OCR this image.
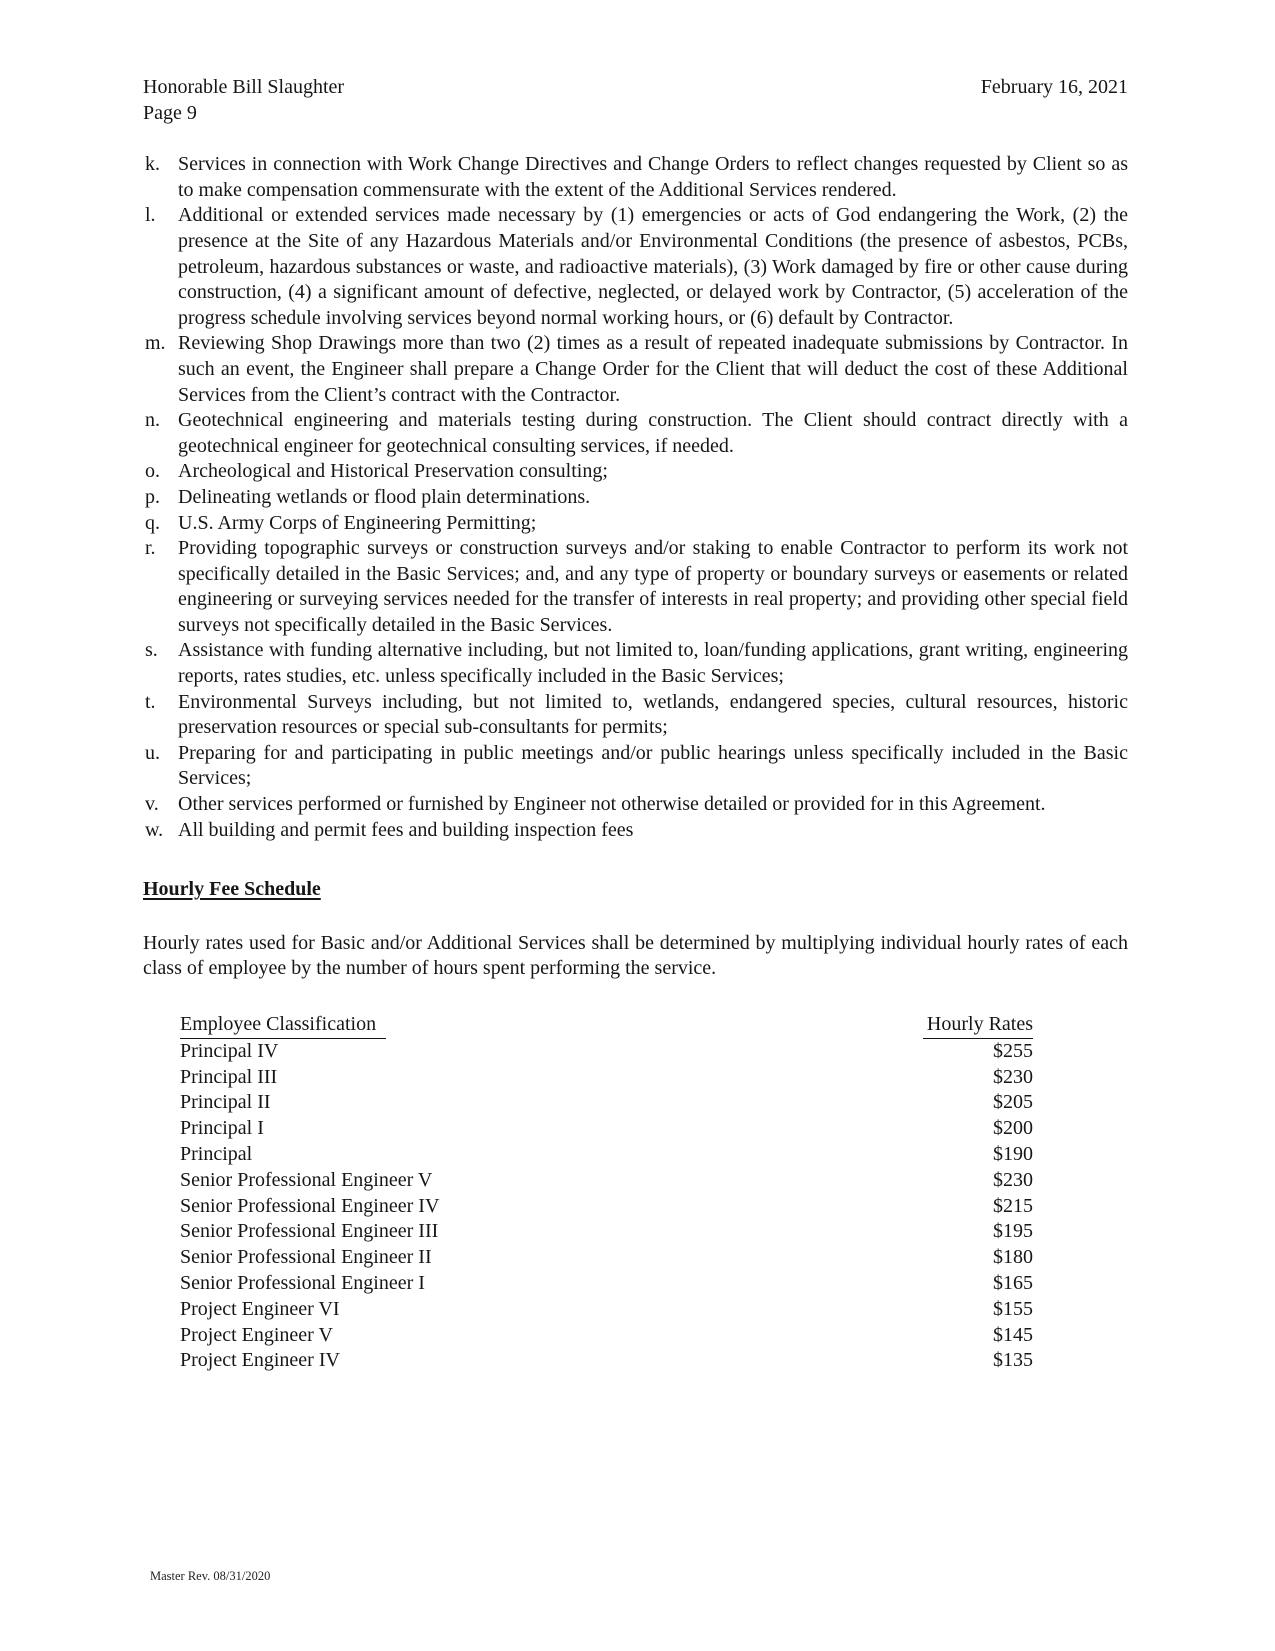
Honorable Bill Slaughter
Page 9
February 16, 2021
k. Services in connection with Work Change Directives and Change Orders to reflect changes requested by Client so as to make compensation commensurate with the extent of the Additional Services rendered.
l. Additional or extended services made necessary by (1) emergencies or acts of God endangering the Work, (2) the presence at the Site of any Hazardous Materials and/or Environmental Conditions (the presence of asbestos, PCBs, petroleum, hazardous substances or waste, and radioactive materials), (3) Work damaged by fire or other cause during construction, (4) a significant amount of defective, neglected, or delayed work by Contractor, (5) acceleration of the progress schedule involving services beyond normal working hours, or (6) default by Contractor.
m. Reviewing Shop Drawings more than two (2) times as a result of repeated inadequate submissions by Contractor. In such an event, the Engineer shall prepare a Change Order for the Client that will deduct the cost of these Additional Services from the Client’s contract with the Contractor.
n. Geotechnical engineering and materials testing during construction. The Client should contract directly with a geotechnical engineer for geotechnical consulting services, if needed.
o. Archeological and Historical Preservation consulting;
p. Delineating wetlands or flood plain determinations.
q. U.S. Army Corps of Engineering Permitting;
r. Providing topographic surveys or construction surveys and/or staking to enable Contractor to perform its work not specifically detailed in the Basic Services; and, and any type of property or boundary surveys or easements or related engineering or surveying services needed for the transfer of interests in real property; and providing other special field surveys not specifically detailed in the Basic Services.
s. Assistance with funding alternative including, but not limited to, loan/funding applications, grant writing, engineering reports, rates studies, etc. unless specifically included in the Basic Services;
t. Environmental Surveys including, but not limited to, wetlands, endangered species, cultural resources, historic preservation resources or special sub-consultants for permits;
u. Preparing for and participating in public meetings and/or public hearings unless specifically included in the Basic Services;
v. Other services performed or furnished by Engineer not otherwise detailed or provided for in this Agreement.
w. All building and permit fees and building inspection fees
Hourly Fee Schedule
Hourly rates used for Basic and/or Additional Services shall be determined by multiplying individual hourly rates of each class of employee by the number of hours spent performing the service.
Employee Classification	Hourly Rates
Principal IV	$255
Principal III	$230
Principal II	$205
Principal I	$200
Principal	$190
Senior Professional Engineer V	$230
Senior Professional Engineer IV	$215
Senior Professional Engineer III	$195
Senior Professional Engineer II	$180
Senior Professional Engineer I	$165
Project Engineer VI	$155
Project Engineer V	$145
Project Engineer IV	$135
Master Rev. 08/31/2020
